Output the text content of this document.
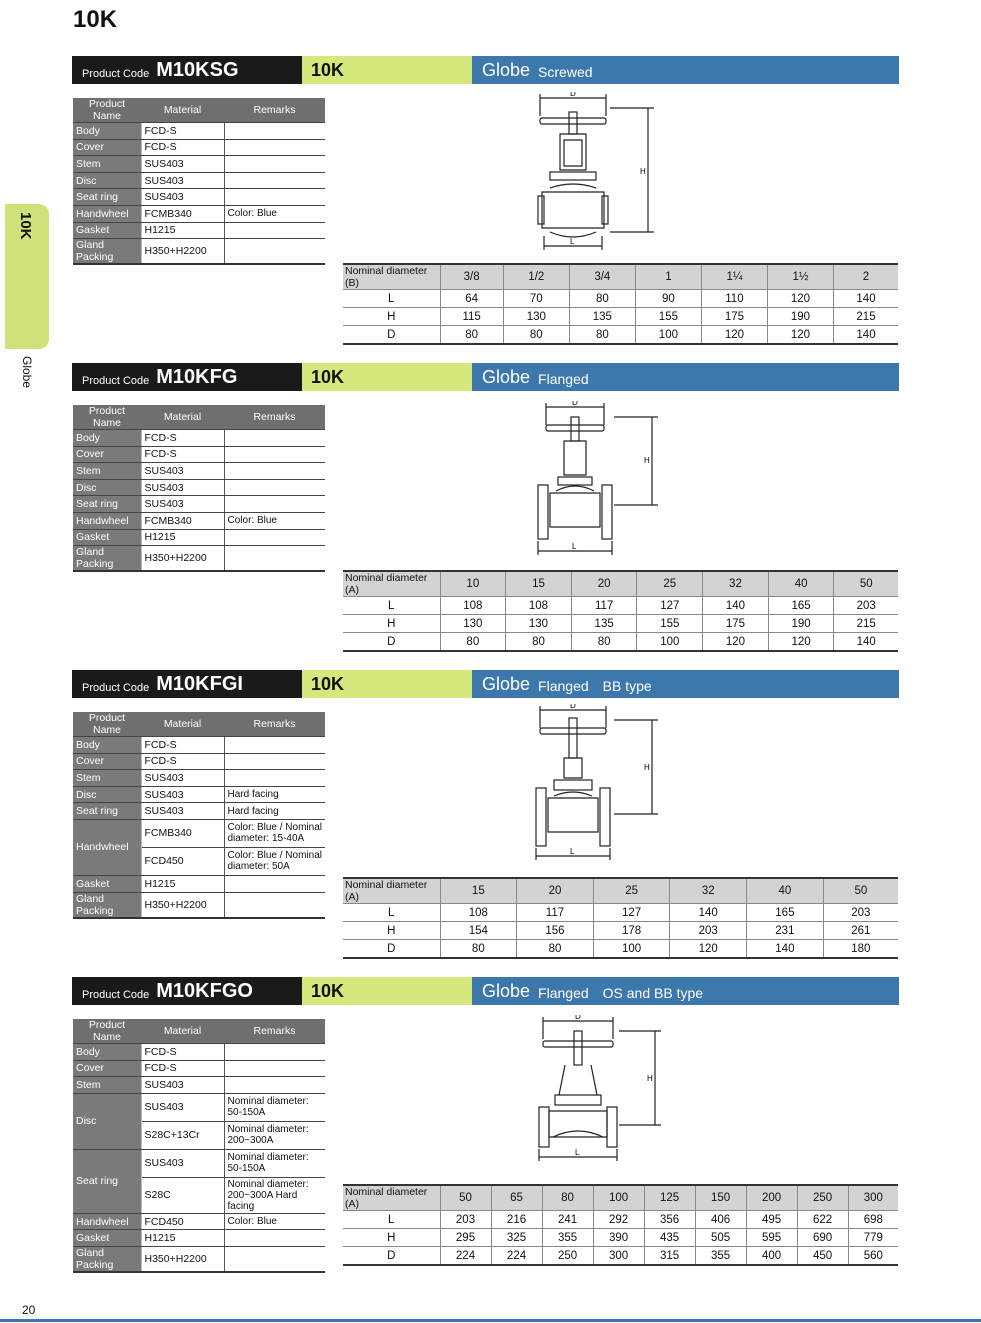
10K
10K
Globe
Product Code M10KSG	10K	Globe Screwed
Product Name	Material	Remarks
Body	FCD-S	
Cover	FCD-S	
Stem	SUS403	
Disc	SUS403	
Seat ring	SUS403	
Handwheel	FCMB340	Color: Blue
Gasket	H1215	
Gland Packing	H350+H2200	
D
H
L
Nominal diameter (B)	3/8	1/2	3/4	1	1¼	1½	2
L	64	70	80	90	110	120	140
H	115	130	135	155	175	190	215
D	80	80	80	100	120	120	140
Product Code M10KFG	10K	Globe Flanged
Product Name	Material	Remarks
Body	FCD-S	
Cover	FCD-S	
Stem	SUS403	
Disc	SUS403	
Seat ring	SUS403	
Handwheel	FCMB340	Color: Blue
Gasket	H1215	
Gland Packing	H350+H2200	
D
H
L
Nominal diameter (A)	10	15	20	25	32	40	50
L	108	108	117	127	140	165	203
H	130	130	135	155	175	190	215
D	80	80	80	100	120	120	140
Product Code M10KFGI	10K	Globe Flanged BB type
Product Name	Material	Remarks
Body	FCD-S	
Cover	FCD-S	
Stem	SUS403	
Disc	SUS403	Hard facing
Seat ring	SUS403	Hard facing
Handwheel	FCMB340	Color: Blue / Nominal diameter: 15-40A
	FCD450	Color: Blue / Nominal diameter: 50A
Gasket	H1215	
Gland Packing	H350+H2200	
D
H
L
Nominal diameter (A)	15	20	25	32	40	50
L	108	117	127	140	165	203
H	154	156	178	203	231	261
D	80	80	100	120	140	180
Product Code M10KFGO	10K	Globe Flanged OS and BB type
Product Name	Material	Remarks
Body	FCD-S	
Cover	FCD-S	
Stem	SUS403	
Disc	SUS403	Nominal diameter: 50-150A
	S28C+13Cr	Nominal diameter: 200~300A
Seat ring	SUS403	Nominal diameter: 50-150A
	S28C	Nominal diameter: 200~300A Hard facing
Handwheel	FCD450	Color: Blue
Gasket	H1215	
Gland Packing	H350+H2200	
D
H
L
Nominal diameter (A)	50	65	80	100	125	150	200	250	300
L	203	216	241	292	356	406	495	622	698
H	295	325	355	390	435	505	595	690	779
D	224	224	250	300	315	355	400	450	560
20
